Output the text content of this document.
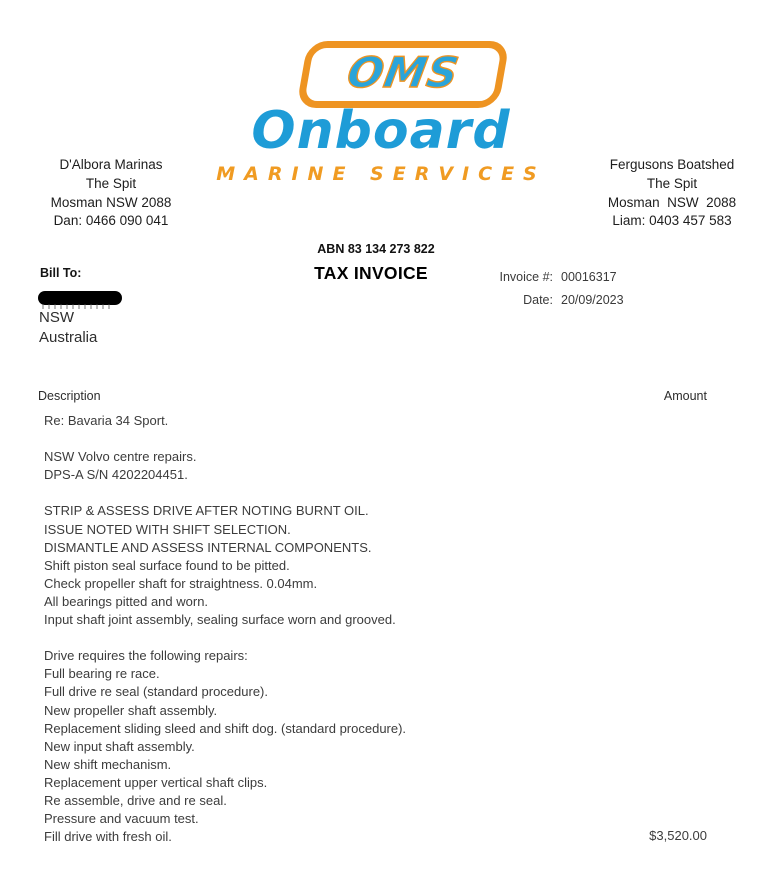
OMS
Onboard
MARINE SERVICES
D'Albora Marinas
The Spit
Mosman NSW 2088
Dan: 0466 090 041
Fergusons Boatshed
The Spit
Mosman  NSW  2088
Liam: 0403 457 583
ABN 83 134 273 822
TAX INVOICE	Invoice #: 00016317
Date: 20/09/2023
Bill To:
NSW
Australia
Description	Amount
Re: Bavaria 34 Sport.
NSW Volvo centre repairs.
DPS-A S/N 4202204451.
STRIP & ASSESS DRIVE AFTER NOTING BURNT OIL.
ISSUE NOTED WITH SHIFT SELECTION.
DISMANTLE AND ASSESS INTERNAL COMPONENTS.
Shift piston seal surface found to be pitted.
Check propeller shaft for straightness. 0.04mm.
All bearings pitted and worn.
Input shaft joint assembly, sealing surface worn and grooved.
Drive requires the following repairs:
Full bearing re race.
Full drive re seal (standard procedure).
New propeller shaft assembly.
Replacement sliding sleed and shift dog. (standard procedure).
New input shaft assembly.
New shift mechanism.
Replacement upper vertical shaft clips.
Re assemble, drive and re seal.
Pressure and vacuum test.
Fill drive with fresh oil.	$3,520.00
